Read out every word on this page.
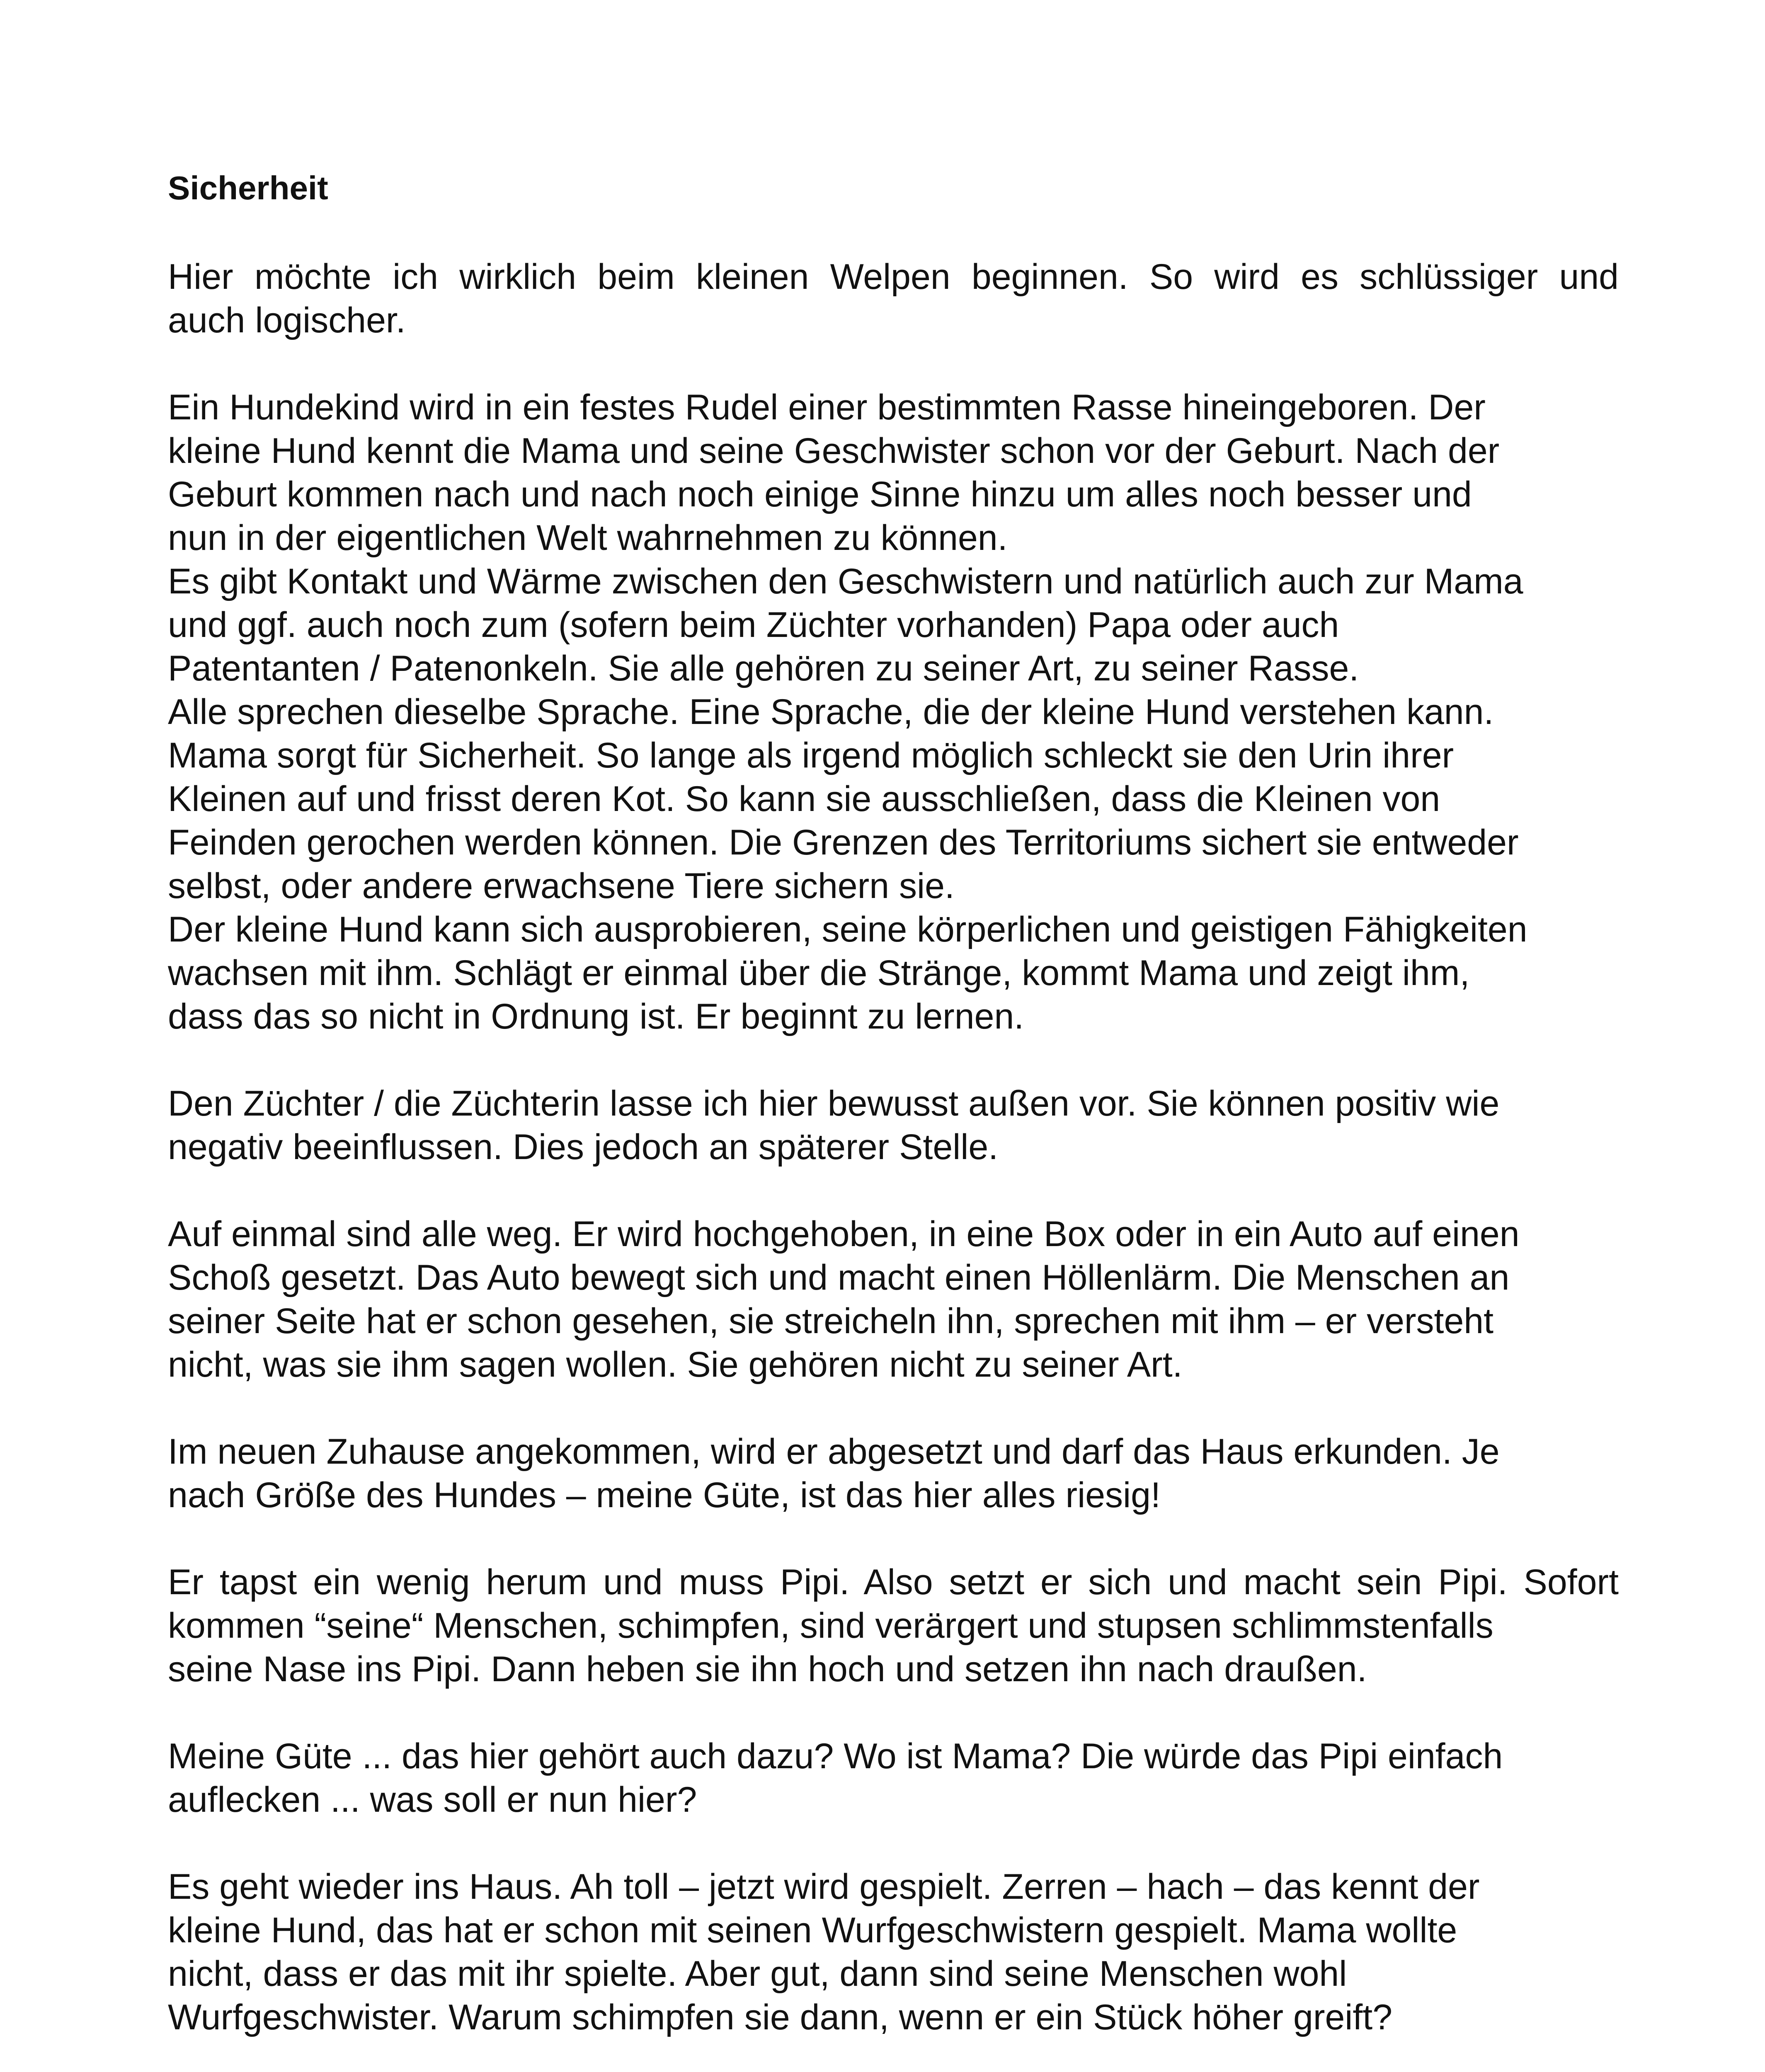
Sicherheit
Hier möchte ich wirklich beim kleinen Welpen beginnen. So wird es schlüssiger und
auch logischer.
Ein Hundekind wird in ein festes Rudel einer bestimmten Rasse hineingeboren. Der
kleine Hund kennt die Mama und seine Geschwister schon vor der Geburt. Nach der
Geburt kommen nach und nach noch einige Sinne hinzu um alles noch besser und
nun in der eigentlichen Welt wahrnehmen zu können.
Es gibt Kontakt und Wärme zwischen den Geschwistern und natürlich auch zur Mama
und ggf. auch noch zum (sofern beim Züchter vorhanden) Papa oder auch
Patentanten / Patenonkeln. Sie alle gehören zu seiner Art, zu seiner Rasse.
Alle sprechen dieselbe Sprache. Eine Sprache, die der kleine Hund verstehen kann.
Mama sorgt für Sicherheit. So lange als irgend möglich schleckt sie den Urin ihrer
Kleinen auf und frisst deren Kot. So kann sie ausschließen, dass die Kleinen von
Feinden gerochen werden können. Die Grenzen des Territoriums sichert sie entweder
selbst, oder andere erwachsene Tiere sichern sie.
Der kleine Hund kann sich ausprobieren, seine körperlichen und geistigen Fähigkeiten
wachsen mit ihm. Schlägt er einmal über die Stränge, kommt Mama und zeigt ihm,
dass das so nicht in Ordnung ist. Er beginnt zu lernen.
Den Züchter / die Züchterin lasse ich hier bewusst außen vor. Sie können positiv wie
negativ beeinflussen. Dies jedoch an späterer Stelle.
Auf einmal sind alle weg. Er wird hochgehoben, in eine Box oder in ein Auto auf einen
Schoß gesetzt. Das Auto bewegt sich und macht einen Höllenlärm. Die Menschen an
seiner Seite hat er schon gesehen, sie streicheln ihn, sprechen mit ihm – er versteht
nicht, was sie ihm sagen wollen. Sie gehören nicht zu seiner Art.
Im neuen Zuhause angekommen, wird er abgesetzt und darf das Haus erkunden. Je
nach Größe des Hundes – meine Güte, ist das hier alles riesig!
Er tapst ein wenig herum und muss Pipi. Also setzt er sich und macht sein Pipi. Sofort
kommen “seine“ Menschen, schimpfen, sind verärgert und stupsen schlimmstenfalls
seine Nase ins Pipi. Dann heben sie ihn hoch und setzen ihn nach draußen.
Meine Güte ... das hier gehört auch dazu? Wo ist Mama? Die würde das Pipi einfach
auflecken ... was soll er nun hier?
Es geht wieder ins Haus. Ah toll – jetzt wird gespielt. Zerren – hach – das kennt der
kleine Hund, das hat er schon mit seinen Wurfgeschwistern gespielt. Mama wollte
nicht, dass er das mit ihr spielte. Aber gut, dann sind seine Menschen wohl
Wurfgeschwister. Warum schimpfen sie dann, wenn er ein Stück höher greift?
